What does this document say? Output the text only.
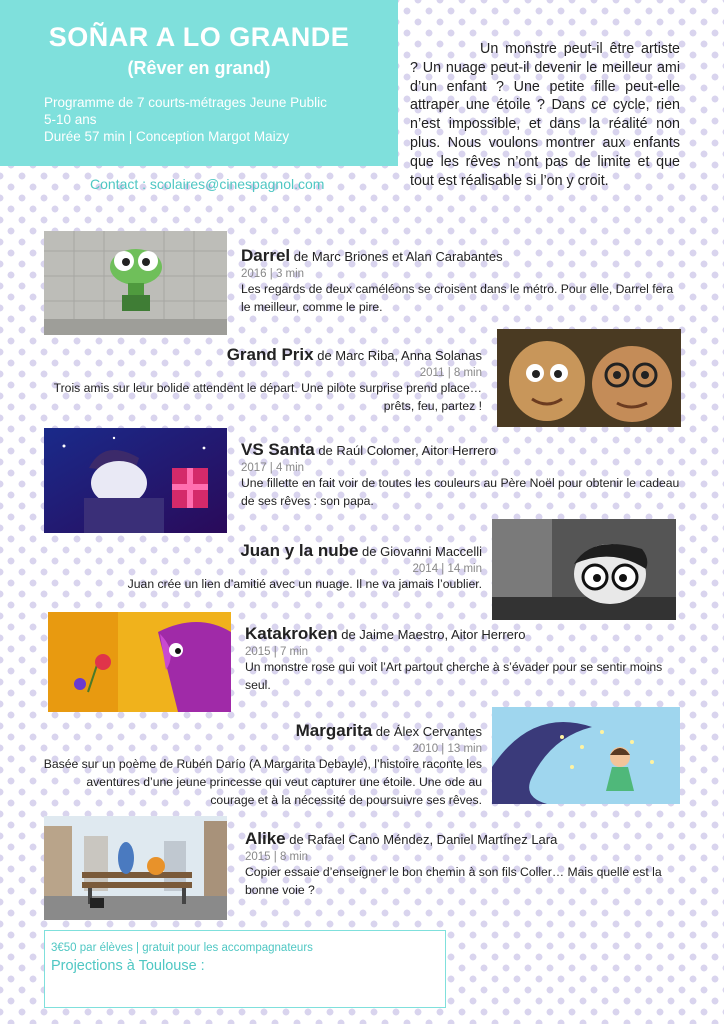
SOÑAR A LO GRANDE
(Rêver en grand)
Programme de 7 courts-métrages Jeune Public
5-10 ans
Durée 57 min | Conception Margot Maizy
Contact : scolaires@cinespagnol.com
Un monstre peut-il être artiste ? Un nuage peut-il devenir le meilleur ami d’un enfant ? Une petite fille peut-elle attraper une étoile ? Dans ce cycle, rien n’est impossible, et dans la réalité non plus. Nous voulons montrer aux enfants que les rêves n’ont pas de limite et que tout est réalisable si l’on y croit.
Darrel de Marc Briones et Alan Carabantes
2016 | 3 min
Les regards de deux caméléons se croisent dans le métro. Pour elle, Darrel fera le meilleur, comme le pire.
Grand Prix de Marc Riba, Anna Solanas
2011 | 8 min
Trois amis sur leur bolide attendent le départ. Une pilote surprise prend place… prêts, feu, partez !
VS Santa de Raúl Colomer, Aitor Herrero
2017 | 4 min
Une fillette en fait voir de toutes les couleurs au Père Noël pour obtenir le cadeau de ses rêves : son papa.
Juan y la nube de Giovanni Maccelli
2014 | 14 min
Juan crée un lien d’amitié avec un nuage. Il ne va jamais l’oublier.
Katakroken de Jaime Maestro, Aitor Herrero
2015 | 7 min
Un monstre rose qui voit l’Art partout cherche à s’évader pour se sentir moins seul.
Margarita de Álex Cervantes
2010 | 13 min
Basée sur un poème de Rubén Darío (A Margarita Debayle), l’histoire raconte les aventures d’une jeune princesse qui veut capturer une étoile. Une ode au courage et à la nécessité de poursuivre ses rêves.
Alike de Rafael Cano Méndez, Daniel Martínez Lara
2015 | 8 min
Copier essaie d’enseigner le bon chemin à son fils Coller… Mais quelle est la bonne voie ?
3€50 par élèves | gratuit pour les accompagnateurs
Projections à Toulouse :
